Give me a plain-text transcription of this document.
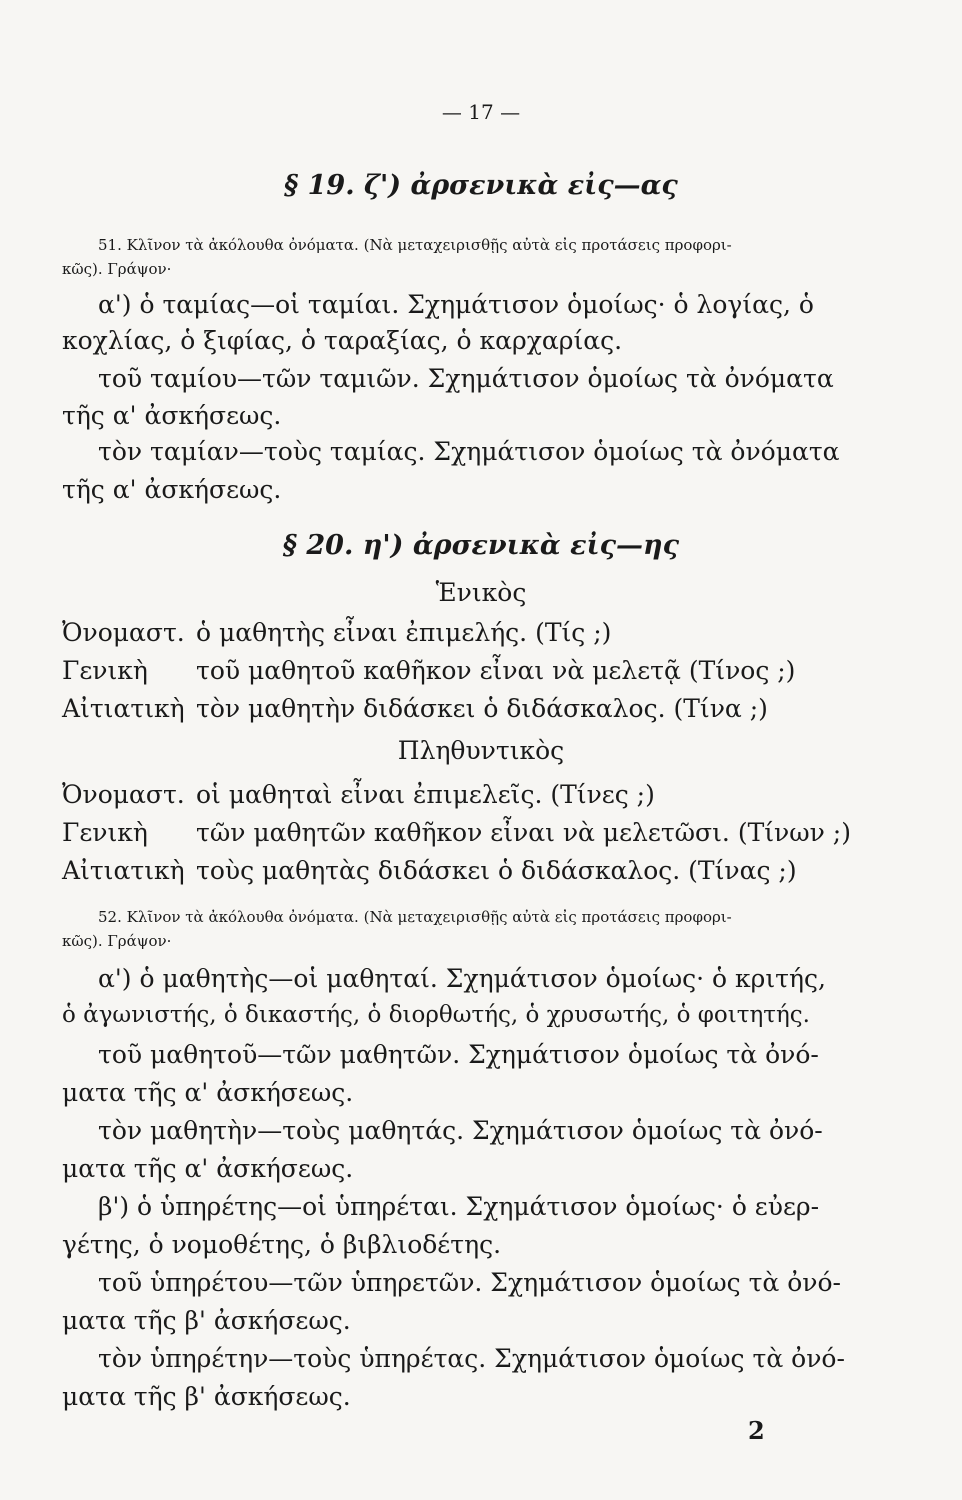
— 17 —
§ 19. ζ') ἀρσενικὰ εἰς—ας
51. Κλῖνον τὰ ἀκόλουθα ὀνόματα. (Νὰ μεταχειρισθῇς αὐτὰ εἰς προτάσεις προφορι-
κῶς). Γράψον·
α') ὁ ταμίας—οἱ ταμίαι. Σχημάτισον ὁμοίως· ὁ λογίας, ὁ
κοχλίας, ὁ ξιφίας, ὁ ταραξίας, ὁ καρχαρίας.
τοῦ ταμίου—τῶν ταμιῶν. Σχημάτισον ὁμοίως τὰ ὀνόματα
τῆς α' ἀσκήσεως.
τὸν ταμίαν—τοὺς ταμίας. Σχημάτισον ὁμοίως τὰ ὀνόματα
τῆς α' ἀσκήσεως.
§ 20. η') ἀρσενικὰ εἰς—ης
Ἑνικὸς
Ὀνομαστ. ὁ μαθητὴς εἶναι ἐπιμελής. (Τίς ;)
Γενικὴ τοῦ μαθητοῦ καθῆκον εἶναι νὰ μελετᾷ (Τίνος ;)
Αἰτιατικὴ τὸν μαθητὴν διδάσκει ὁ διδάσκαλος. (Τίνα ;)
Πληθυντικὸς
Ὀνομαστ. οἱ μαθηταὶ εἶναι ἐπιμελεῖς. (Τίνες ;)
Γενικὴ τῶν μαθητῶν καθῆκον εἶναι νὰ μελετῶσι. (Τίνων ;)
Αἰτιατικὴ τοὺς μαθητὰς διδάσκει ὁ διδάσκαλος. (Τίνας ;)
52. Κλῖνον τὰ ἀκόλουθα ὀνόματα. (Νὰ μεταχειρισθῇς αὐτὰ εἰς προτάσεις προφορι-
κῶς). Γράψον·
α') ὁ μαθητὴς—οἱ μαθηταί. Σχημάτισον ὁμοίως· ὁ κριτής,
ὁ ἀγωνιστής, ὁ δικαστής, ὁ διορθωτής, ὁ χρυσωτής, ὁ φοιτητής.
τοῦ μαθητοῦ—τῶν μαθητῶν. Σχημάτισον ὁμοίως τὰ ὀνό-
ματα τῆς α' ἀσκήσεως.
τὸν μαθητὴν—τοὺς μαθητάς. Σχημάτισον ὁμοίως τὰ ὀνό-
ματα τῆς α' ἀσκήσεως.
β') ὁ ὑπηρέτης—οἱ ὑπηρέται. Σχημάτισον ὁμοίως· ὁ εὐερ-
γέτης, ὁ νομοθέτης, ὁ βιβλιοδέτης.
τοῦ ὑπηρέτου—τῶν ὑπηρετῶν. Σχημάτισον ὁμοίως τὰ ὀνό-
ματα τῆς β' ἀσκήσεως.
τὸν ὑπηρέτην—τοὺς ὑπηρέτας. Σχημάτισον ὁμοίως τὰ ὀνό-
ματα τῆς β' ἀσκήσεως.
2
